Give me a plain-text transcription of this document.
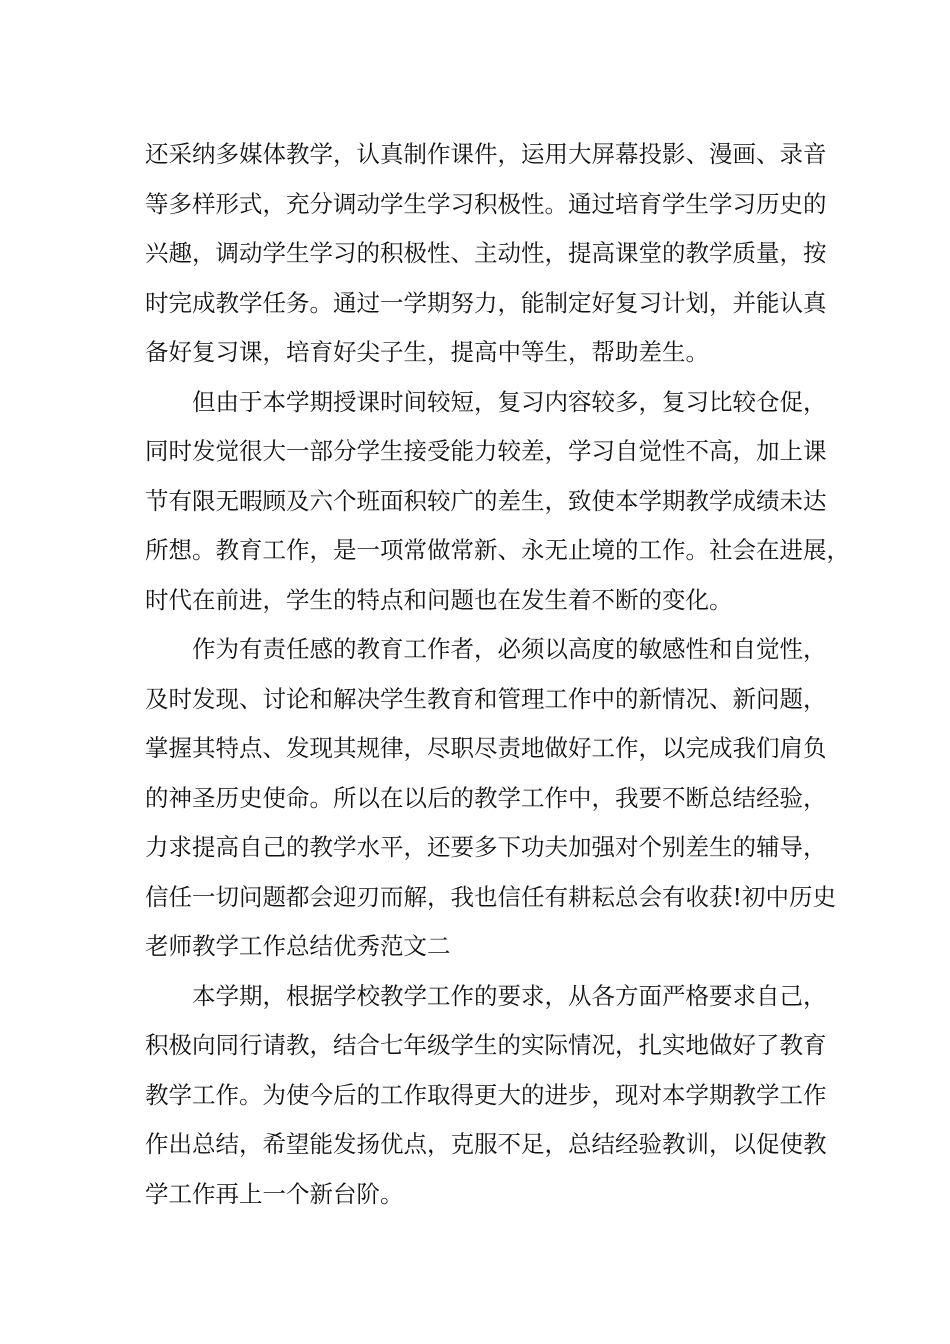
还采纳多媒体教学，认真制作课件，运用大屏幕投影、漫画、录音
等多样形式，充分调动学生学习积极性。通过培育学生学习历史的
兴趣，调动学生学习的积极性、主动性，提高课堂的教学质量，按
时完成教学任务。通过一学期努力，能制定好复习计划，并能认真
备好复习课，培育好尖子生，提高中等生，帮助差生。
但由于本学期授课时间较短，复习内容较多，复习比较仓促，
同时发觉很大一部分学生接受能力较差，学习自觉性不高，加上课
节有限无暇顾及六个班面积较广的差生，致使本学期教学成绩未达
所想。教育工作，是一项常做常新、永无止境的工作。社会在进展，
时代在前进，学生的特点和问题也在发生着不断的变化。
作为有责任感的教育工作者，必须以高度的敏感性和自觉性，
及时发现、讨论和解决学生教育和管理工作中的新情况、新问题，
掌握其特点、发现其规律，尽职尽责地做好工作，以完成我们肩负
的神圣历史使命。所以在以后的教学工作中，我要不断总结经验，
力求提高自己的教学水平，还要多下功夫加强对个别差生的辅导，
信任一切问题都会迎刃而解，我也信任有耕耘总会有收获!初中历史
老师教学工作总结优秀范文二
本学期，根据学校教学工作的要求，从各方面严格要求自己，
积极向同行请教，结合七年级学生的实际情况，扎实地做好了教育
教学工作。为使今后的工作取得更大的进步，现对本学期教学工作
作出总结，希望能发扬优点，克服不足，总结经验教训，以促使教
学工作再上一个新台阶。
